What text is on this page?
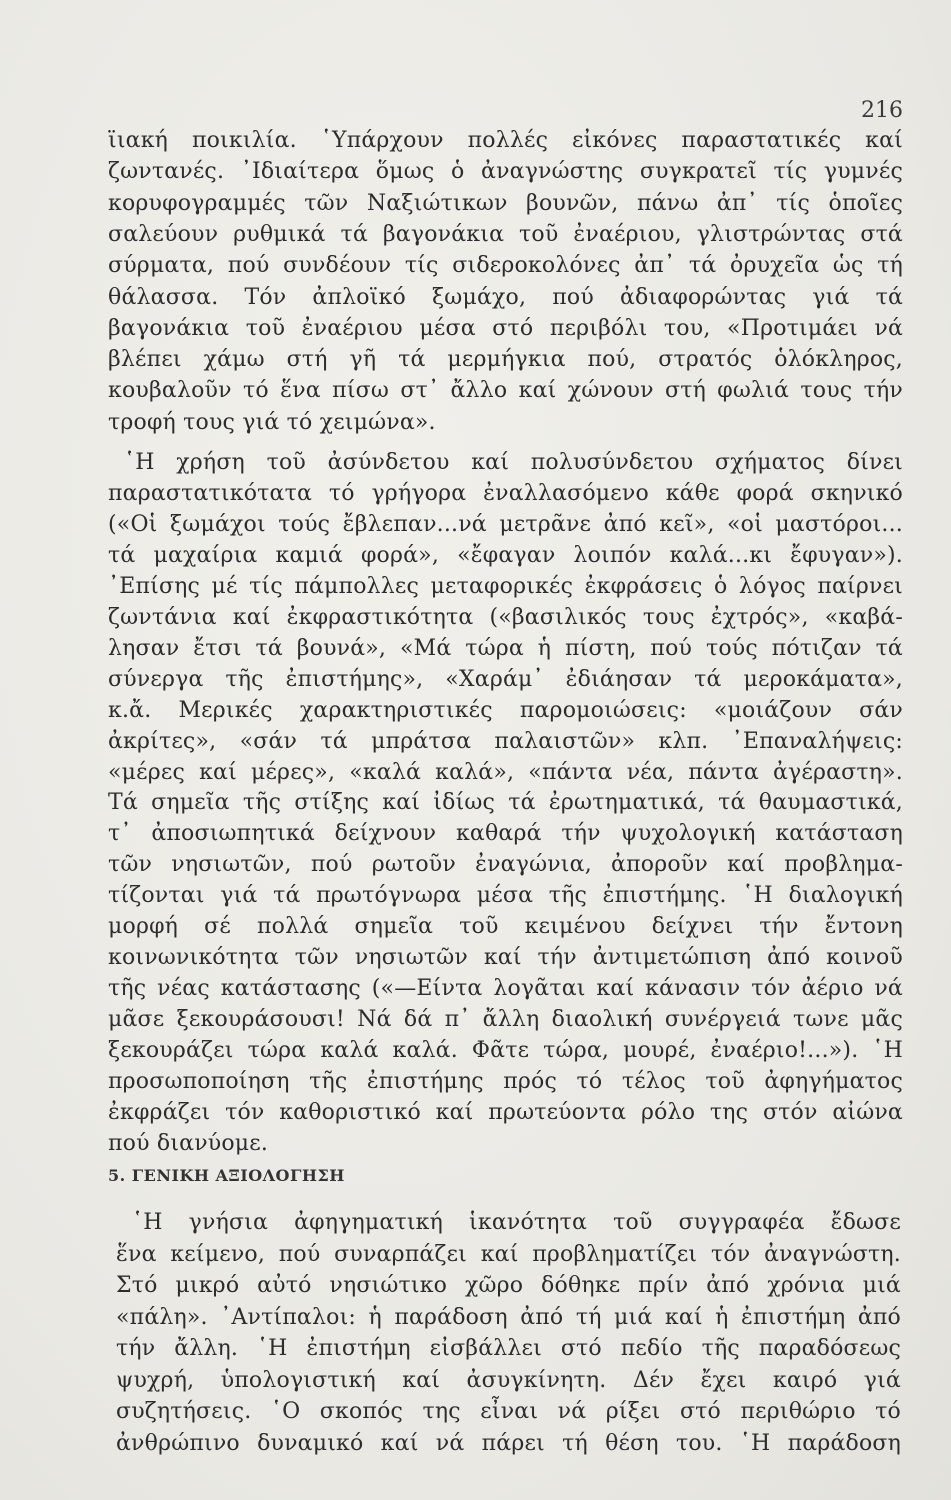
216
ϊιακή ποικιλία. ῾Υπάρχουν πολλές εἰκόνες παραστατικές καί
ζωντανές. ᾿Ιδιαίτερα ὅμως ὁ ἀναγνώστης συγκρατεῖ τίς γυμνές
κορυφογραμμές τῶν Ναξιώτικων βουνῶν, πάνω ἀπ᾿ τίς ὁποῖες
σαλεύουν ρυθμικά τά βαγονάκια τοῦ ἐναέριου, γλιστρώντας στά
σύρματα, πού συνδέουν τίς σιδεροκολόνες ἀπ᾿ τά ὀρυχεῖα ὡς τή
θάλασσα. Τόν ἀπλοϊκό ξωμάχο, πού ἀδιαφορώντας γιά τά
βαγονάκια τοῦ ἐναέριου μέσα στό περιβόλι του, «Προτιμάει νά
βλέπει χάμω στή γῆ τά μερμήγκια πού, στρατός ὁλόκληρος,
κουβαλοῦν τό ἕνα πίσω στ᾿ ἄλλο καί χώνουν στή φωλιά τους τήν
τροφή τους γιά τό χειμώνα».
῾Η χρήση τοῦ ἀσύνδετου καί πολυσύνδετου σχήματος δίνει
παραστατικότατα τό γρήγορα ἐναλλασόμενο κάθε φορά σκηνικό
(«Οἱ ξωμάχοι τούς ἔβλεπαν...νά μετρᾶνε ἀπό κεῖ», «οἱ μαστόροι...
τά μαχαίρια καμιά φορά», «ἔφαγαν λοιπόν καλά...κι ἔφυγαν»).
᾿Επίσης μέ τίς πάμπολλες μεταφορικές ἐκφράσεις ὁ λόγος παίρνει
ζωντάνια καί ἐκφραστικότητα («βασιλικός τους ἐχτρός», «καβά-
λησαν ἔτσι τά βουνά», «Μά τώρα ἡ πίστη, πού τούς πότιζαν τά
σύνεργα τῆς ἐπιστήμης», «Χαράμ᾿ ἐδιάησαν τά μεροκάματα»,
κ.ἄ. Μερικές χαρακτηριστικές παρομοιώσεις: «μοιάζουν σάν
ἀκρίτες», «σάν τά μπράτσα παλαιστῶν» κλπ. ᾿Επαναλήψεις:
«μέρες καί μέρες», «καλά καλά», «πάντα νέα, πάντα ἀγέραστη».
Τά σημεῖα τῆς στίξης καί ἰδίως τά ἐρωτηματικά, τά θαυμαστικά,
τ᾿ ἀποσιωπητικά δείχνουν καθαρά τήν ψυχολογική κατάσταση
τῶν νησιωτῶν, πού ρωτοῦν ἐναγώνια, ἀποροῦν καί προβλημα-
τίζονται γιά τά πρωτόγνωρα μέσα τῆς ἐπιστήμης. ῾Η διαλογική
μορφή σέ πολλά σημεῖα τοῦ κειμένου δείχνει τήν ἔντονη
κοινωνικότητα τῶν νησιωτῶν καί τήν ἀντιμετώπιση ἀπό κοινοῦ
τῆς νέας κατάστασης («—Είντα λογᾶται καί κάνασιν τόν ἀέριο νά
μᾶσε ξεκουράσουσι! Νά δά π᾿ ἄλλη διαολική συνέργειά τωνε μᾶς
ξεκουράζει τώρα καλά καλά. Φᾶτε τώρα, μουρέ, ἐναέριο!...»). ῾Η
προσωποποίηση τῆς ἐπιστήμης πρός τό τέλος τοῦ ἀφηγήματος
ἐκφράζει τόν καθοριστικό καί πρωτεύοντα ρόλο της στόν αἰώνα
πού διανύομε.
5. ΓΕΝΙΚΗ ΑΞΙΟΛΟΓΗΣΗ
῾Η γνήσια ἀφηγηματική ἱκανότητα τοῦ συγγραφέα ἔδωσε
ἕνα κείμενο, πού συναρπάζει καί προβληματίζει τόν ἀναγνώστη.
Στό μικρό αὐτό νησιώτικο χῶρο δόθηκε πρίν ἀπό χρόνια μιά
«πάλη». ᾿Αντίπαλοι: ἡ παράδοση ἀπό τή μιά καί ἡ ἐπιστήμη ἀπό
τήν ἄλλη. ῾Η ἐπιστήμη εἰσβάλλει στό πεδίο τῆς παραδόσεως
ψυχρή, ὑπολογιστική καί ἀσυγκίνητη. Δέν ἔχει καιρό γιά
συζητήσεις. ῾Ο σκοπός της εἶναι νά ρίξει στό περιθώριο τό
ἀνθρώπινο δυναμικό καί νά πάρει τή θέση του. ῾Η παράδοση
